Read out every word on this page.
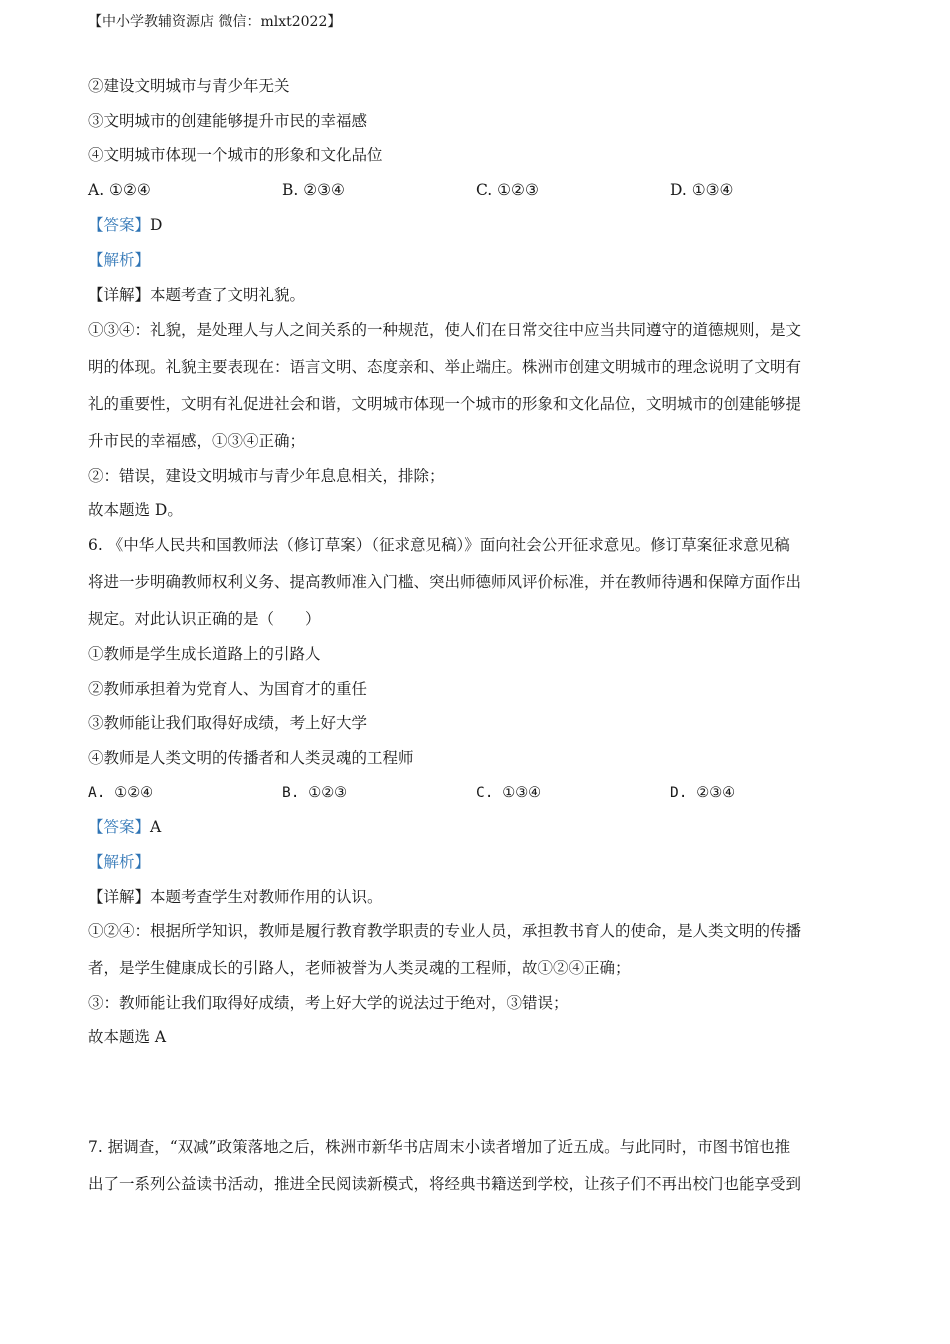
【中小学教辅资源店 微信：mlxt2022】
②建设文明城市与青少年无关
③文明城市的创建能够提升市民的幸福感
④文明城市体现一个城市的形象和文化品位
A. ①②④	B. ②③④	C. ①②③	D. ①③④
【答案】D
【解析】
【详解】本题考查了文明礼貌。
①③④：礼貌，是处理人与人之间关系的一种规范，使人们在日常交往中应当共同遵守的道德规则，是文
明的体现。礼貌主要表现在：语言文明、态度亲和、举止端庄。株洲市创建文明城市的理念说明了文明有
礼的重要性，文明有礼促进社会和谐，文明城市体现一个城市的形象和文化品位，文明城市的创建能够提
升市民的幸福感，①③④正确；
②：错误，建设文明城市与青少年息息相关，排除；
故本题选 D。
6. 《中华人民共和国教师法（修订草案）（征求意见稿）》面向社会公开征求意见。修订草案征求意见稿
将进一步明确教师权利义务、提高教师准入门槛、突出师德师风评价标准，并在教师待遇和保障方面作出
规定。对此认识正确的是（　　）
①教师是学生成长道路上的引路人
②教师承担着为党育人、为国育才的重任
③教师能让我们取得好成绩，考上好大学
④教师是人类文明的传播者和人类灵魂的工程师
A. ①②④	B. ①②③	C. ①③④	D. ②③④
【答案】A
【解析】
【详解】本题考查学生对教师作用的认识。
①②④：根据所学知识，教师是履行教育教学职责的专业人员，承担教书育人的使命，是人类文明的传播
者，是学生健康成长的引路人，老师被誉为人类灵魂的工程师，故①②④正确；
③：教师能让我们取得好成绩，考上好大学的说法过于绝对，③错误；
故本题选 A
7. 据调查，“双减”政策落地之后，株洲市新华书店周末小读者增加了近五成。与此同时，市图书馆也推
出了一系列公益读书活动，推进全民阅读新模式，将经典书籍送到学校，让孩子们不再出校门也能享受到
